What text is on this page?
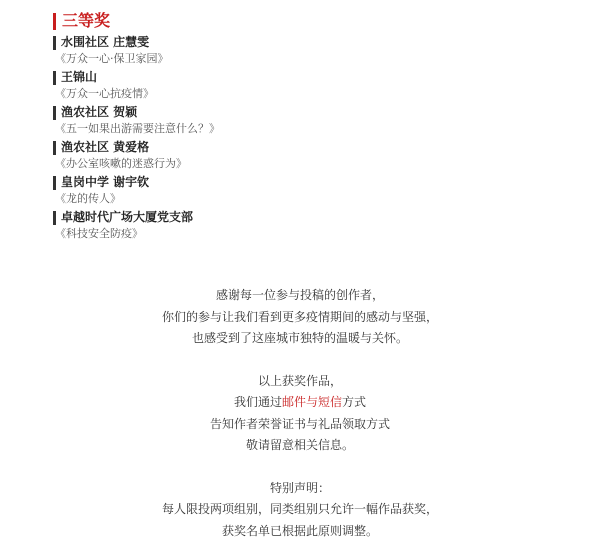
三等奖
水围社区 庄慧雯
《万众一心·保卫家园》
王锦山
《万众一心抗疫情》
渔农社区 贺颖
《五一如果出游需要注意什么？》
渔农社区 黄爱格
《办公室咳嗽的迷惑行为》
皇岗中学 谢宇钦
《龙的传人》
卓越时代广场大厦党支部
《科技安全防疫》

感谢每一位参与投稿的创作者，

你们的参与让我们看到更多疫情期间的感动与坚强，

也感受到了这座城市独特的温暖与关怀。

以上获奖作品，

我们通过邮件与短信方式

告知作者荣誉证书与礼品领取方式

敬请留意相关信息。

特别声明：

每人限投两项组别，同类组别只允许一幅作品获奖，

获奖名单已根据此原则调整。
